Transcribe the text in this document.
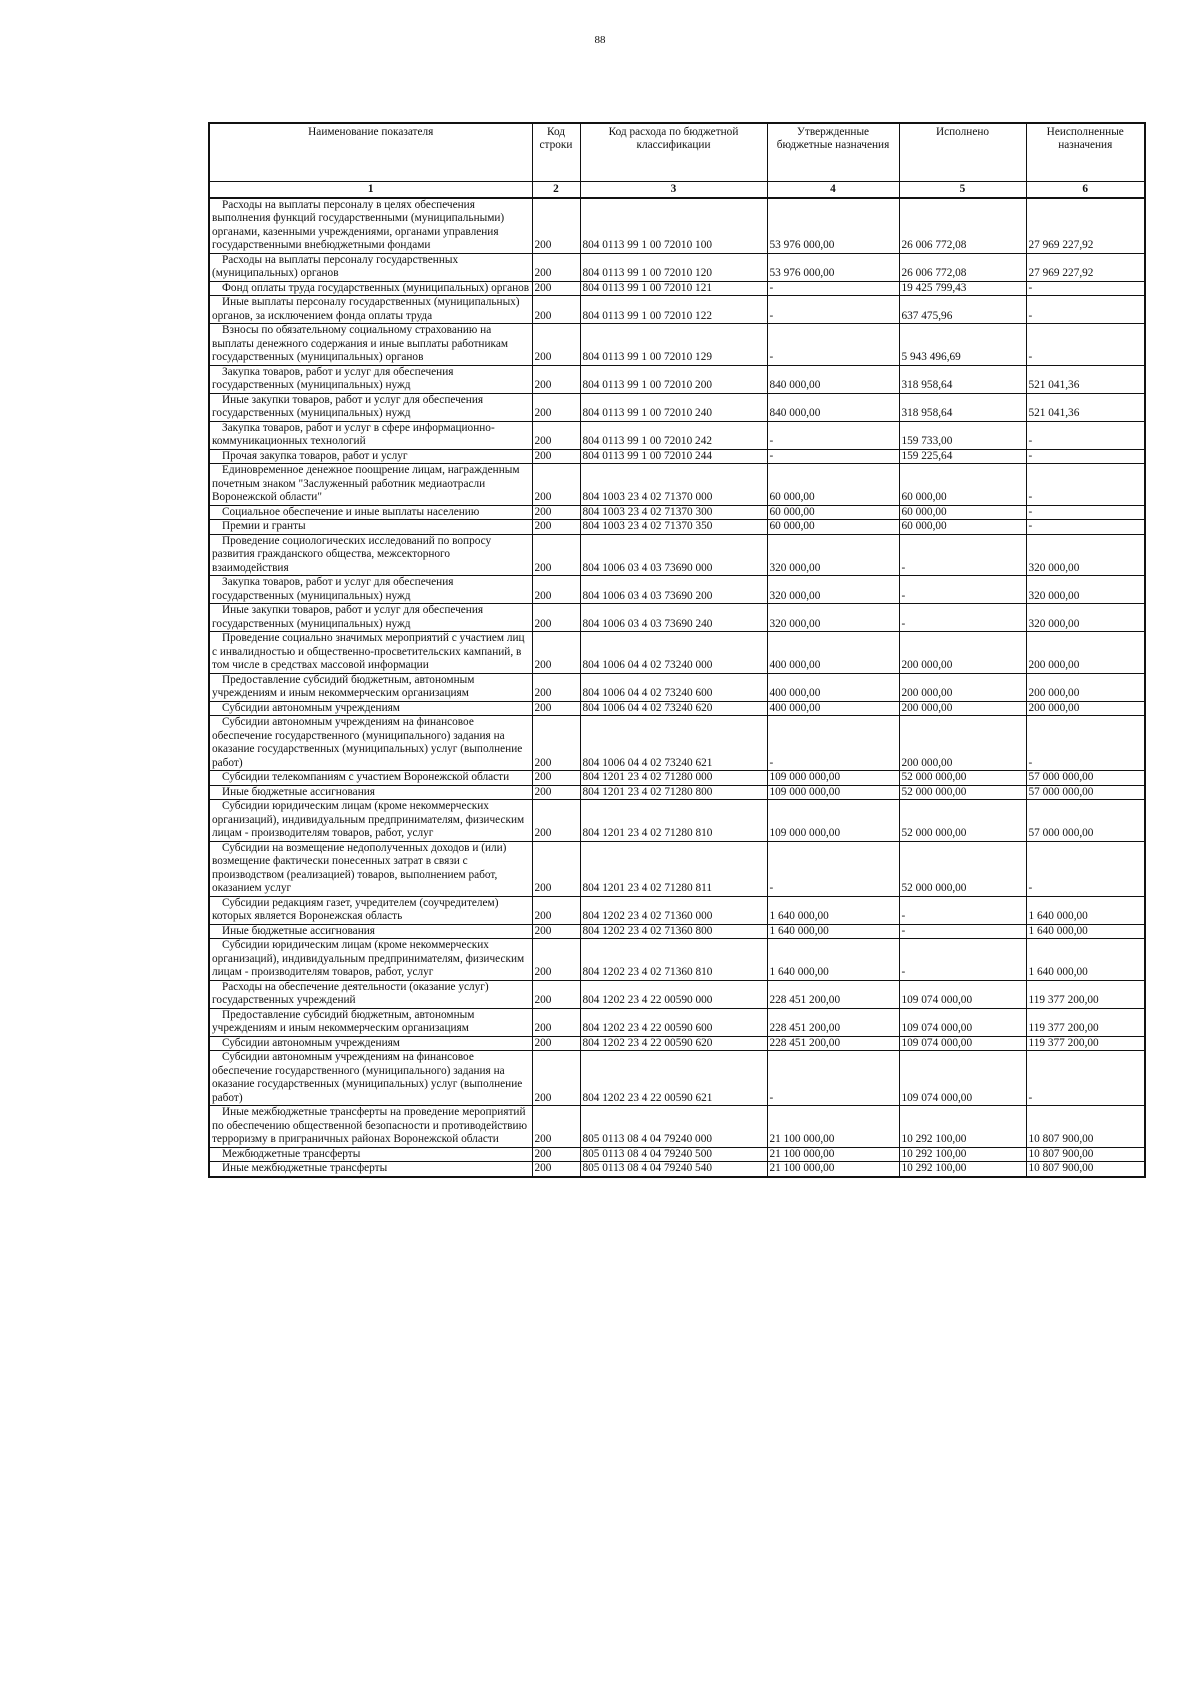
88
Наименование показателя	Код строки	Код расхода по бюджетной классификации	Утвержденные бюджетные назначения	Исполнено	Неисполненные назначения
1	2	3	4	5	6
Расходы на выплаты персоналу в целях обеспечения выполнения функций государственными (муниципальными) органами, казенными учреждениями, органами управления государственными внебюджетными фондами	200	804 0113 99 1 00 72010 100	53 976 000,00	26 006 772,08	27 969 227,92
Расходы на выплаты персоналу государственных (муниципальных) органов	200	804 0113 99 1 00 72010 120	53 976 000,00	26 006 772,08	27 969 227,92
Фонд оплаты труда государственных (муниципальных) органов	200	804 0113 99 1 00 72010 121	-	19 425 799,43	-
Иные выплаты персоналу государственных (муниципальных) органов, за исключением фонда оплаты труда	200	804 0113 99 1 00 72010 122	-	637 475,96	-
Взносы по обязательному социальному страхованию на выплаты денежного содержания и иные выплаты работникам государственных (муниципальных) органов	200	804 0113 99 1 00 72010 129	-	5 943 496,69	-
Закупка товаров, работ и услуг для обеспечения государственных (муниципальных) нужд	200	804 0113 99 1 00 72010 200	840 000,00	318 958,64	521 041,36
Иные закупки товаров, работ и услуг для обеспечения государственных (муниципальных) нужд	200	804 0113 99 1 00 72010 240	840 000,00	318 958,64	521 041,36
Закупка товаров, работ и услуг в сфере информационно-коммуникационных технологий	200	804 0113 99 1 00 72010 242	-	159 733,00	-
Прочая закупка товаров, работ и услуг	200	804 0113 99 1 00 72010 244	-	159 225,64	-
Единовременное денежное поощрение лицам, награжденным почетным знаком "Заслуженный работник медиаотрасли Воронежской области"	200	804 1003 23 4 02 71370 000	60 000,00	60 000,00	-
Социальное обеспечение и иные выплаты населению	200	804 1003 23 4 02 71370 300	60 000,00	60 000,00	-
Премии и гранты	200	804 1003 23 4 02 71370 350	60 000,00	60 000,00	-
Проведение социологических исследований по вопросу развития гражданского общества, межсекторного взаимодействия	200	804 1006 03 4 03 73690 000	320 000,00	-	320 000,00
Закупка товаров, работ и услуг для обеспечения государственных (муниципальных) нужд	200	804 1006 03 4 03 73690 200	320 000,00	-	320 000,00
Иные закупки товаров, работ и услуг для обеспечения государственных (муниципальных) нужд	200	804 1006 03 4 03 73690 240	320 000,00	-	320 000,00
Проведение социально значимых мероприятий с участием лиц с инвалидностью и общественно-просветительских кампаний, в том числе в средствах массовой информации	200	804 1006 04 4 02 73240 000	400 000,00	200 000,00	200 000,00
Предоставление субсидий бюджетным, автономным учреждениям и иным некоммерческим организациям	200	804 1006 04 4 02 73240 600	400 000,00	200 000,00	200 000,00
Субсидии автономным учреждениям	200	804 1006 04 4 02 73240 620	400 000,00	200 000,00	200 000,00
Субсидии автономным учреждениям на финансовое обеспечение государственного (муниципального) задания на оказание государственных (муниципальных) услуг (выполнение работ)	200	804 1006 04 4 02 73240 621	-	200 000,00	-
Субсидии телекомпаниям с участием Воронежской области	200	804 1201 23 4 02 71280 000	109 000 000,00	52 000 000,00	57 000 000,00
Иные бюджетные ассигнования	200	804 1201 23 4 02 71280 800	109 000 000,00	52 000 000,00	57 000 000,00
Субсидии юридическим лицам (кроме некоммерческих организаций), индивидуальным предпринимателям, физическим лицам - производителям товаров, работ, услуг	200	804 1201 23 4 02 71280 810	109 000 000,00	52 000 000,00	57 000 000,00
Субсидии на возмещение недополученных доходов и (или) возмещение фактически понесенных затрат в связи с производством (реализацией) товаров, выполнением работ, оказанием услуг	200	804 1201 23 4 02 71280 811	-	52 000 000,00	-
Субсидии редакциям газет, учредителем (соучредителем) которых является Воронежская область	200	804 1202 23 4 02 71360 000	1 640 000,00	-	1 640 000,00
Иные бюджетные ассигнования	200	804 1202 23 4 02 71360 800	1 640 000,00	-	1 640 000,00
Субсидии юридическим лицам (кроме некоммерческих организаций), индивидуальным предпринимателям, физическим лицам - производителям товаров, работ, услуг	200	804 1202 23 4 02 71360 810	1 640 000,00	-	1 640 000,00
Расходы на обеспечение деятельности (оказание услуг) государственных учреждений	200	804 1202 23 4 22 00590 000	228 451 200,00	109 074 000,00	119 377 200,00
Предоставление субсидий бюджетным, автономным учреждениям и иным некоммерческим организациям	200	804 1202 23 4 22 00590 600	228 451 200,00	109 074 000,00	119 377 200,00
Субсидии автономным учреждениям	200	804 1202 23 4 22 00590 620	228 451 200,00	109 074 000,00	119 377 200,00
Субсидии автономным учреждениям на финансовое обеспечение государственного (муниципального) задания на оказание государственных (муниципальных) услуг (выполнение работ)	200	804 1202 23 4 22 00590 621	-	109 074 000,00	-
Иные межбюджетные трансферты на проведение мероприятий по обеспечению общественной безопасности и противодействию терроризму в приграничных районах Воронежской области	200	805 0113 08 4 04 79240 000	21 100 000,00	10 292 100,00	10 807 900,00
Межбюджетные трансферты	200	805 0113 08 4 04 79240 500	21 100 000,00	10 292 100,00	10 807 900,00
Иные межбюджетные трансферты	200	805 0113 08 4 04 79240 540	21 100 000,00	10 292 100,00	10 807 900,00
